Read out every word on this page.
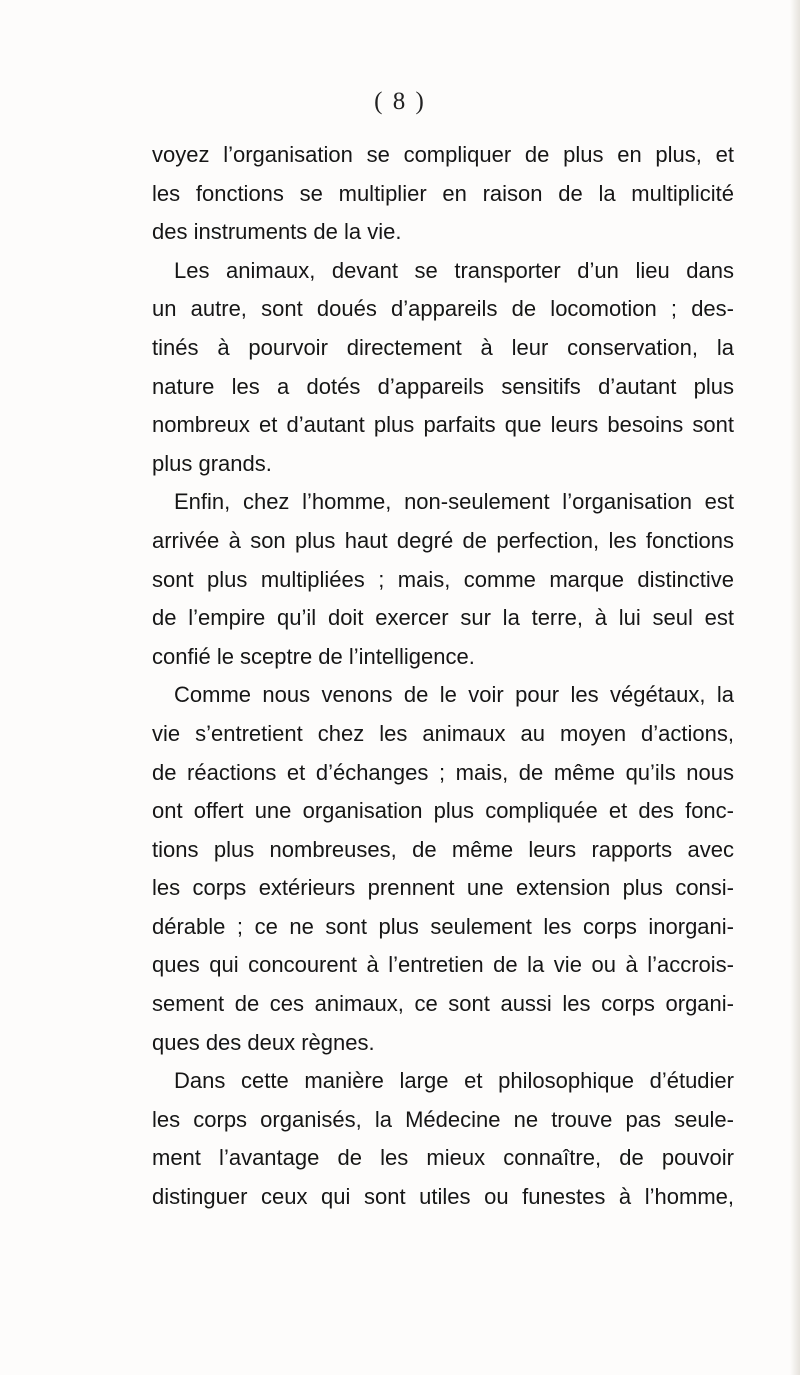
( 8 )
voyez l’organisation se compliquer de plus en plus, et
les fonctions se multiplier en raison de la multiplicité
des instruments de la vie.
Les animaux, devant se transporter d’un lieu dans
un autre, sont doués d’appareils de locomotion ; des-
tinés à pourvoir directement à leur conservation, la
nature les a dotés d’appareils sensitifs d’autant plus
nombreux et d’autant plus parfaits que leurs besoins sont
plus grands.
Enfin, chez l’homme, non-seulement l’organisation est
arrivée à son plus haut degré de perfection, les fonctions
sont plus multipliées ; mais, comme marque distinctive
de l’empire qu’il doit exercer sur la terre, à lui seul est
confié le sceptre de l’intelligence.
Comme nous venons de le voir pour les végétaux, la
vie s’entretient chez les animaux au moyen d’actions,
de réactions et d’échanges ; mais, de même qu’ils nous
ont offert une organisation plus compliquée et des fonc-
tions plus nombreuses, de même leurs rapports avec
les corps extérieurs prennent une extension plus consi-
dérable ; ce ne sont plus seulement les corps inorgani-
ques qui concourent à l’entretien de la vie ou à l’accrois-
sement de ces animaux, ce sont aussi les corps organi-
ques des deux règnes.
Dans cette manière large et philosophique d’étudier
les corps organisés, la Médecine ne trouve pas seule-
ment l’avantage de les mieux connaître, de pouvoir
distinguer ceux qui sont utiles ou funestes à l’homme,
